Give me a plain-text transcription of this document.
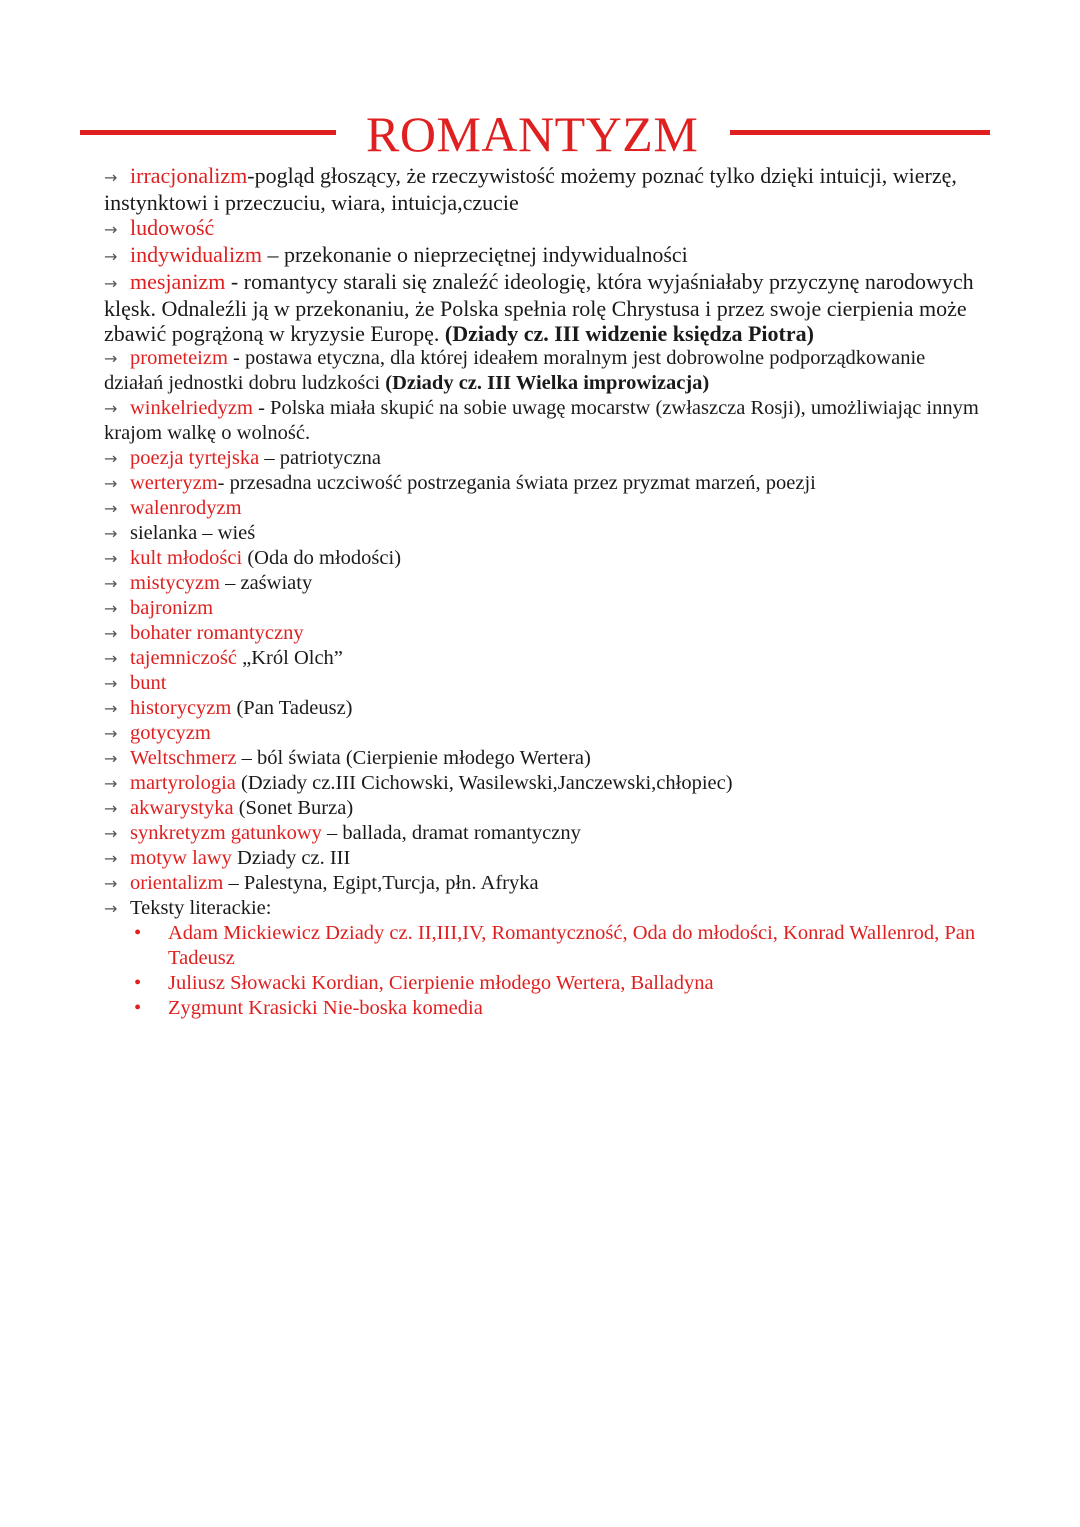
ROMANTYZM

→ irracjonalizm-pogląd głoszący, że rzeczywistość możemy poznać tylko dzięki intuicji, wierzę, instynktowi i przeczuciu, wiara, intuicja,czucie

→ ludowość

→ indywidualizm – przekonanie o nieprzeciętnej indywidualności

→ mesjanizm - romantycy starali się znaleźć ideologię, która wyjaśniałaby przyczynę narodowych klęsk. Odnaleźli ją w przekonaniu, że Polska spełnia rolę Chrystusa i przez swoje cierpienia może zbawić pogrążoną w kryzysie Europę. (Dziady cz. III widzenie księdza Piotra)

→ prometeizm - postawa etyczna, dla której ideałem moralnym jest dobrowolne podporządkowanie działań jednostki dobru ludzkości (Dziady cz. III Wielka improwizacja)

→ winkelriedyzm - Polska miała skupić na sobie uwagę mocarstw (zwłaszcza Rosji), umożliwiając innym krajom walkę o wolność.

→ poezja tyrtejska – patriotyczna

→ werteryzm- przesadna uczciwość postrzegania świata przez pryzmat marzeń, poezji

→ walenrodyzm

→ sielanka – wieś

→ kult młodości (Oda do młodości)

→ mistycyzm – zaświaty

→ bajronizm

→ bohater romantyczny

→ tajemniczość „Król Olch”

→ bunt

→ historycyzm (Pan Tadeusz)

→ gotycyzm

→ Weltschmerz – ból świata (Cierpienie młodego Wertera)

→ martyrologia (Dziady cz.III Cichowski, Wasilewski,Janczewski,chłopiec)

→ akwarystyka (Sonet Burza)

→ synkretyzm gatunkowy – ballada, dramat romantyczny

→ motyw lawy Dziady cz. III

→ orientalizm – Palestyna, Egipt,Turcja, płn. Afryka

→ Teksty literackie:

• Adam Mickiewicz Dziady cz. II,III,IV, Romantyczność, Oda do młodości, Konrad Wallenrod, Pan Tadeusz
• Juliusz Słowacki Kordian, Cierpienie młodego Wertera, Balladyna
• Zygmunt Krasicki Nie-boska komedia
